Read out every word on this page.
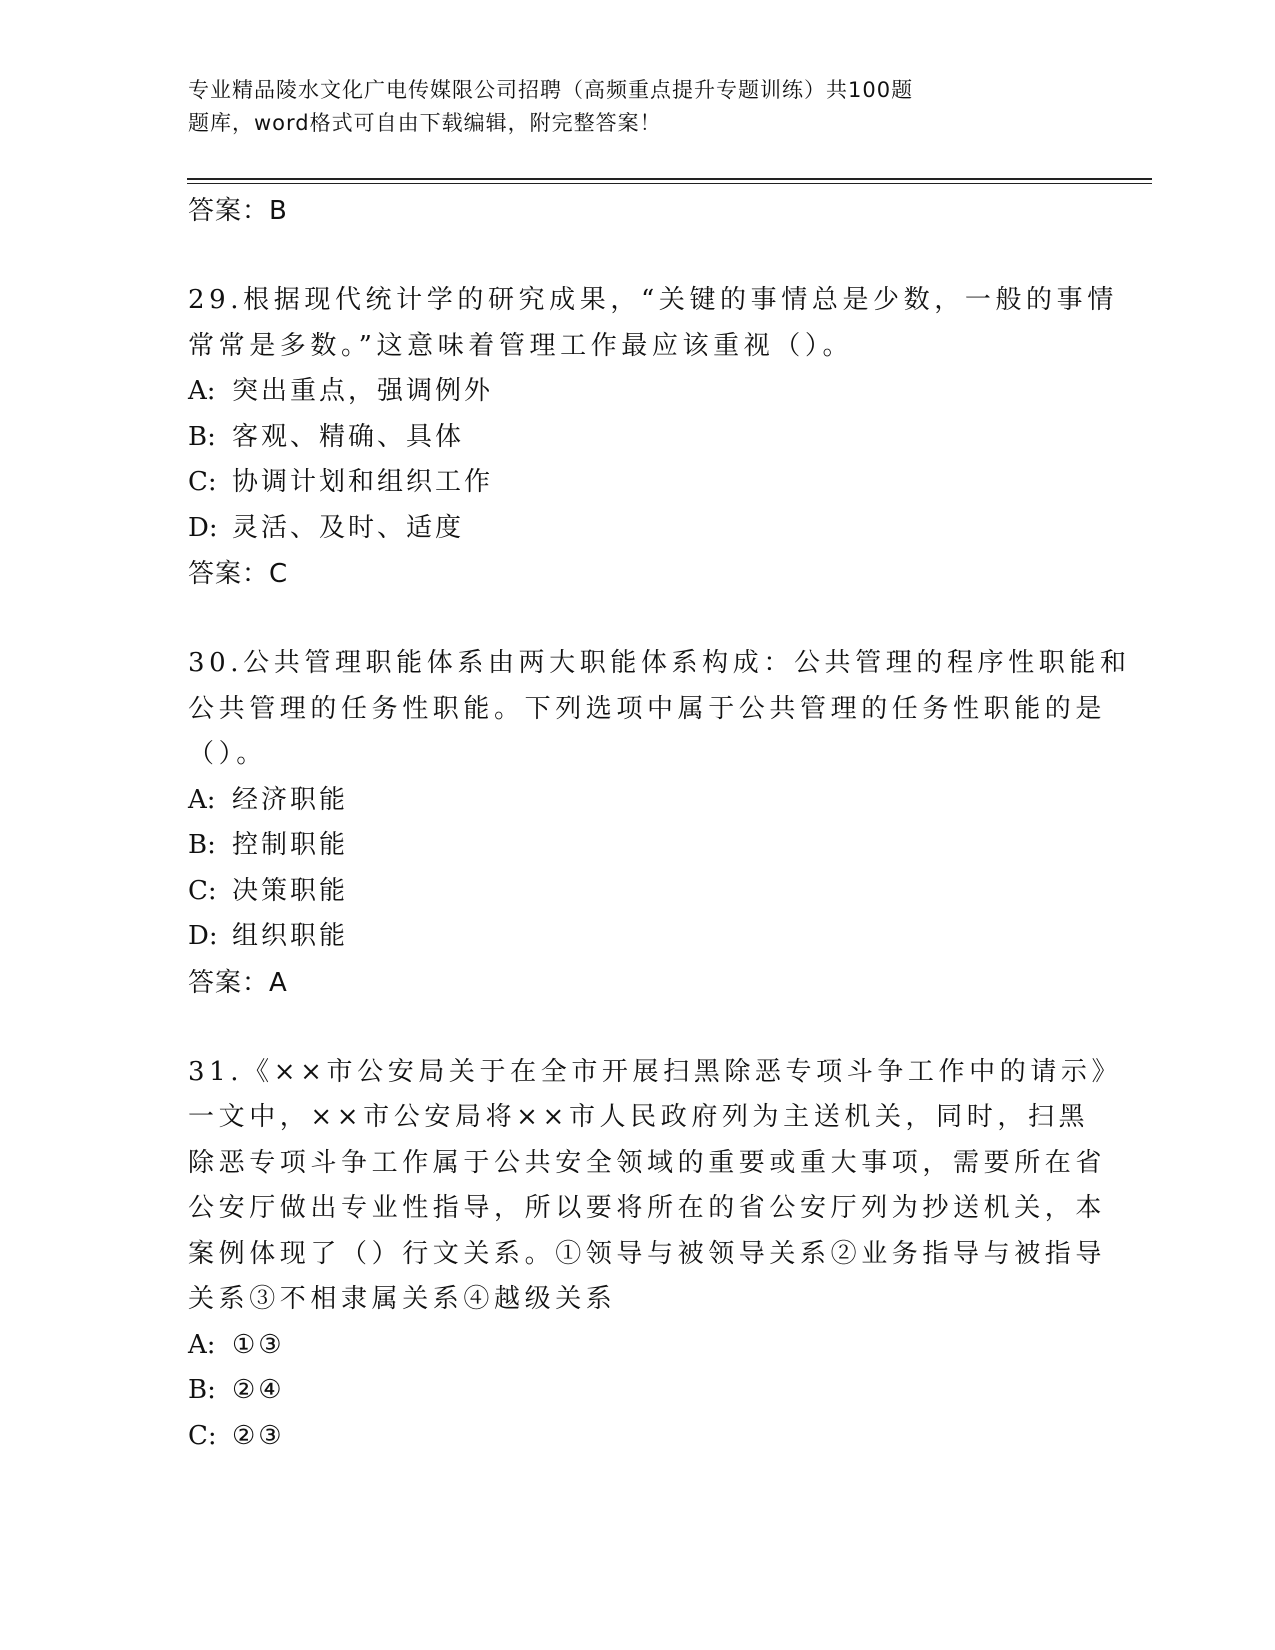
专业精品陵水文化广电传媒限公司招聘（高频重点提升专题训练）共100题
题库，word格式可自由下载编辑，附完整答案！
答案：B

29.根据现代统计学的研究成果，“关键的事情总是少数，一般的事情
常常是多数。”这意味着管理工作最应该重视（）。

A: 突出重点，强调例外
B: 客观、精确、具体
C: 协调计划和组织工作
D: 灵活、及时、适度
答案：C

30.公共管理职能体系由两大职能体系构成：公共管理的程序性职能和
公共管理的任务性职能。下列选项中属于公共管理的任务性职能的是
（）。

A: 经济职能
B: 控制职能
C: 决策职能
D: 组织职能
答案：A

31.《××市公安局关于在全市开展扫黑除恶专项斗争工作中的请示》
一文中，××市公安局将××市人民政府列为主送机关，同时，扫黑
除恶专项斗争工作属于公共安全领域的重要或重大事项，需要所在省
公安厅做出专业性指导，所以要将所在的省公安厅列为抄送机关，本
案例体现了（）行文关系。①领导与被领导关系②业务指导与被指导
关系③不相隶属关系④越级关系

A: ①③
B: ②④
C: ②③
